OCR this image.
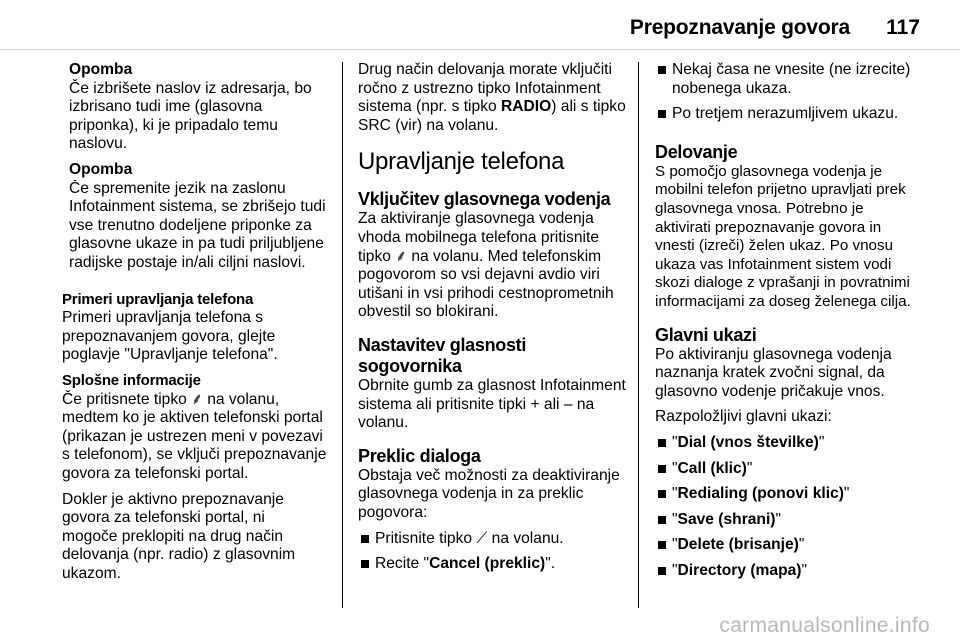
Prepoznavanje govora 117

Opomba

Če izbrišete naslov iz adresarja, bo izbrisano tudi ime (glasovna priponka), ki je pripadalo temu naslovu.

Opomba

Če spremenite jezik na zaslonu Infotainment sistema, se zbrišejo tudi vse trenutno dodeljene priponke za glasovne ukaze in pa tudi priljubljene radijske postaje in/ali ciljni naslovi.

Primeri upravljanja telefona

Primeri upravljanja telefona s prepoznavanjem govora, glejte poglavje "Upravljanje telefona".

Splošne informacije

Če pritisnete tipko ⸙ na volanu, medtem ko je aktiven telefonski portal (prikazan je ustrezen meni v povezavi s telefonom), se vključi prepoznavanje govora za telefonski portal.

Dokler je aktivno prepoznavanje govora za telefonski portal, ni mogoče preklopiti na drug način delovanja (npr. radio) z glasovnim ukazom.

Drug način delovanja morate vključiti ročno z ustrezno tipko Infotainment sistema (npr. s tipko RADIO) ali s tipko SRC (vir) na volanu.

Upravljanje telefona

Vključitev glasovnega vodenja

Za aktiviranje glasovnega vodenja vhoda mobilnega telefona pritisnite tipko ⸙ na volanu. Med telefonskim pogovorom so vsi dejavni avdio viri utišani in vsi prihodi cestnoprometnih obvestil so blokirani.

Nastavitev glasnosti sogovornika

Obrnite gumb za glasnost Infotainment sistema ali pritisnite tipki + ali – na volanu.

Preklic dialoga

Obstaja več možnosti za deaktiviranje glasovnega vodenja in za preklic pogovora:

Pritisnite tipko ⟋ na volanu.

Recite "Cancel (preklic)".

Nekaj časa ne vnesite (ne izrecite) nobenega ukaza.

Po tretjem nerazumljivem ukazu.

Delovanje

S pomočjo glasovnega vodenja je mobilni telefon prijetno upravljati prek glasovnega vnosa. Potrebno je aktivirati prepoznavanje govora in vnesti (izreči) želen ukaz. Po vnosu ukaza vas Infotainment sistem vodi skozi dialoge z vprašanji in povratnimi informacijami za doseg želenega cilja.

Glavni ukazi

Po aktiviranju glasovnega vodenja naznanja kratek zvočni signal, da glasovno vodenje pričakuje vnos.

Razpoložljivi glavni ukazi:

"Dial (vnos številke)"

"Call (klic)"

"Redialing (ponovi klic)"

"Save (shrani)"

"Delete (brisanje)"

"Directory (mapa)"

carmanualsonline.info
